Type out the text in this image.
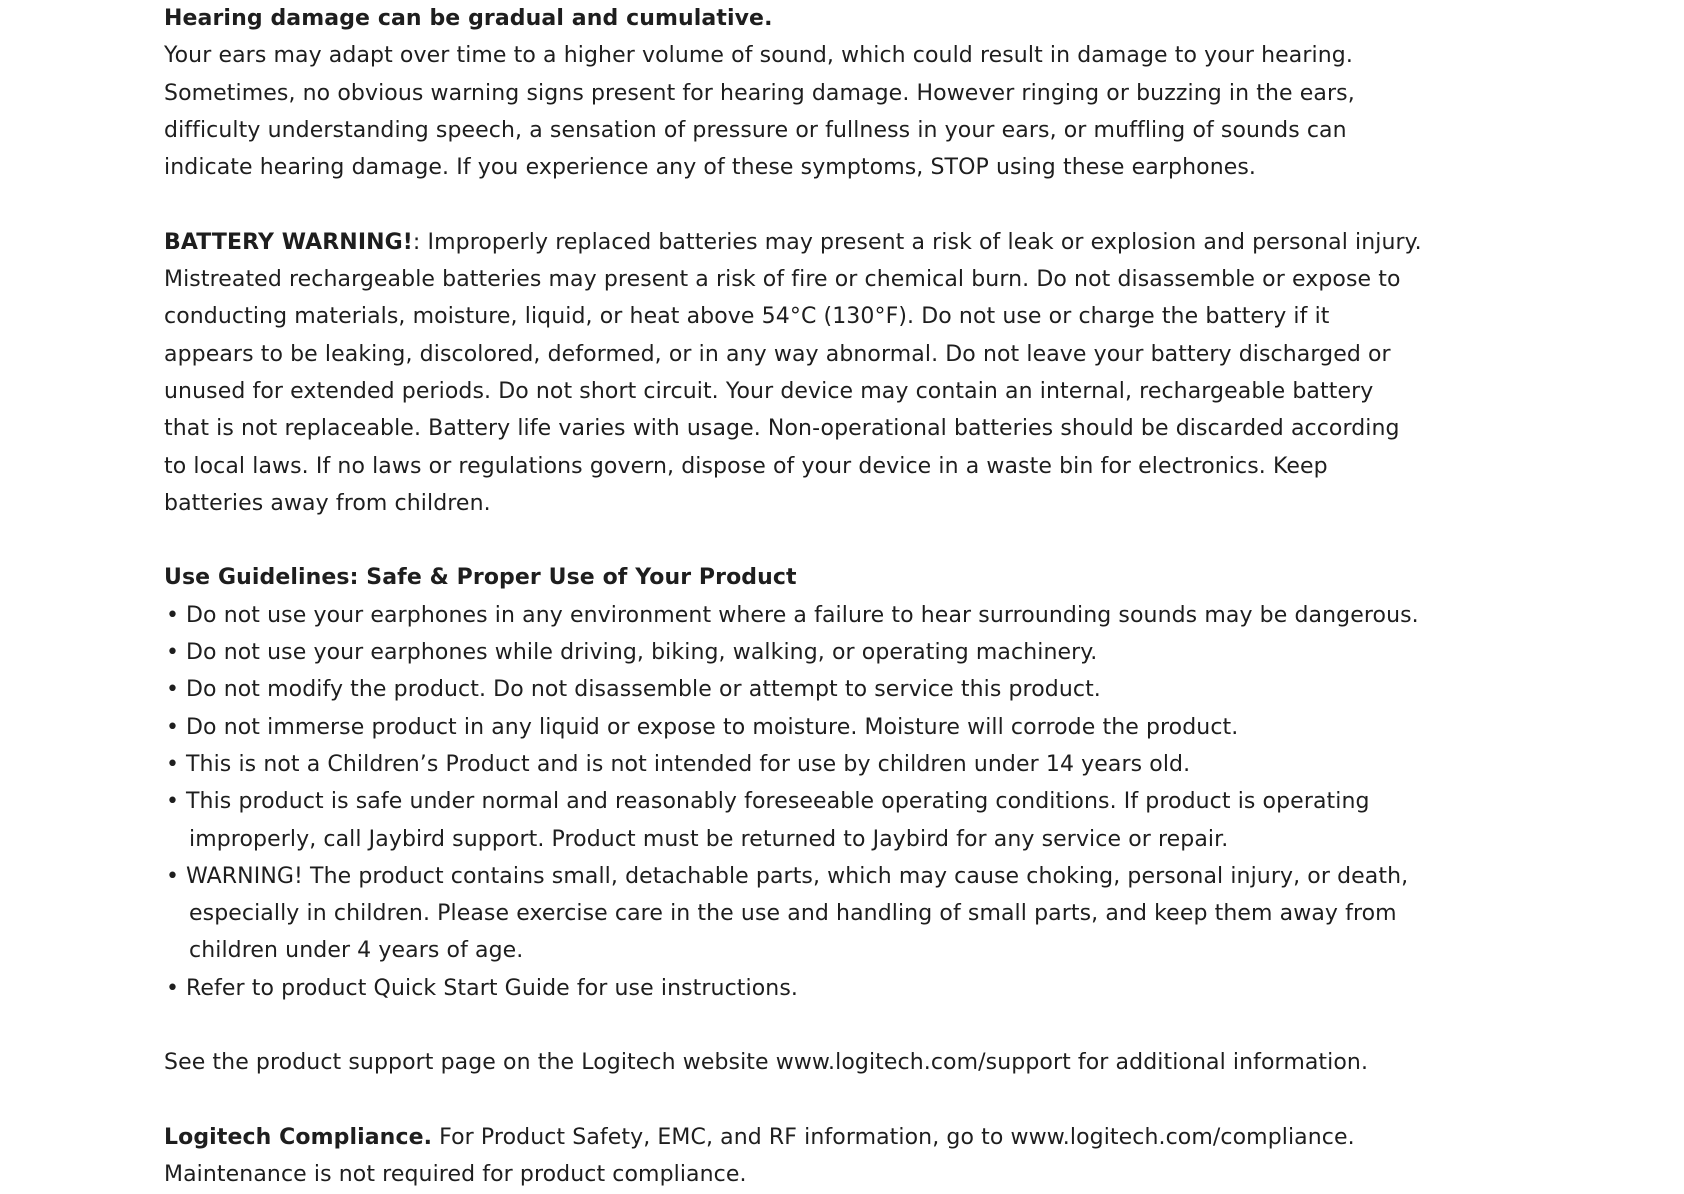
Hearing damage can be gradual and cumulative.
Your ears may adapt over time to a higher volume of sound, which could result in damage to your hearing.
Sometimes, no obvious warning signs present for hearing damage. However ringing or buzzing in the ears,
difficulty understanding speech, a sensation of pressure or fullness in your ears, or muffling of sounds can
indicate hearing damage. If you experience any of these symptoms, STOP using these earphones.
BATTERY WARNING!: Improperly replaced batteries may present a risk of leak or explosion and personal injury.
Mistreated rechargeable batteries may present a risk of fire or chemical burn. Do not disassemble or expose to
conducting materials, moisture, liquid, or heat above 54°C (130°F). Do not use or charge the battery if it
appears to be leaking, discolored, deformed, or in any way abnormal. Do not leave your battery discharged or
unused for extended periods. Do not short circuit. Your device may contain an internal, rechargeable battery
that is not replaceable. Battery life varies with usage. Non-operational batteries should be discarded according
to local laws. If no laws or regulations govern, dispose of your device in a waste bin for electronics. Keep
batteries away from children.
Use Guidelines: Safe & Proper Use of Your Product
• Do not use your earphones in any environment where a failure to hear surrounding sounds may be dangerous.
• Do not use your earphones while driving, biking, walking, or operating machinery.
• Do not modify the product. Do not disassemble or attempt to service this product.
• Do not immerse product in any liquid or expose to moisture. Moisture will corrode the product.
• This is not a Children’s Product and is not intended for use by children under 14 years old.
• This product is safe under normal and reasonably foreseeable operating conditions. If product is operating
improperly, call Jaybird support. Product must be returned to Jaybird for any service or repair.
• WARNING! The product contains small, detachable parts, which may cause choking, personal injury, or death,
especially in children. Please exercise care in the use and handling of small parts, and keep them away from
children under 4 years of age.
• Refer to product Quick Start Guide for use instructions.
See the product support page on the Logitech website www.logitech.com/support for additional information.
Logitech Compliance. For Product Safety, EMC, and RF information, go to www.logitech.com/compliance.
Maintenance is not required for product compliance.
